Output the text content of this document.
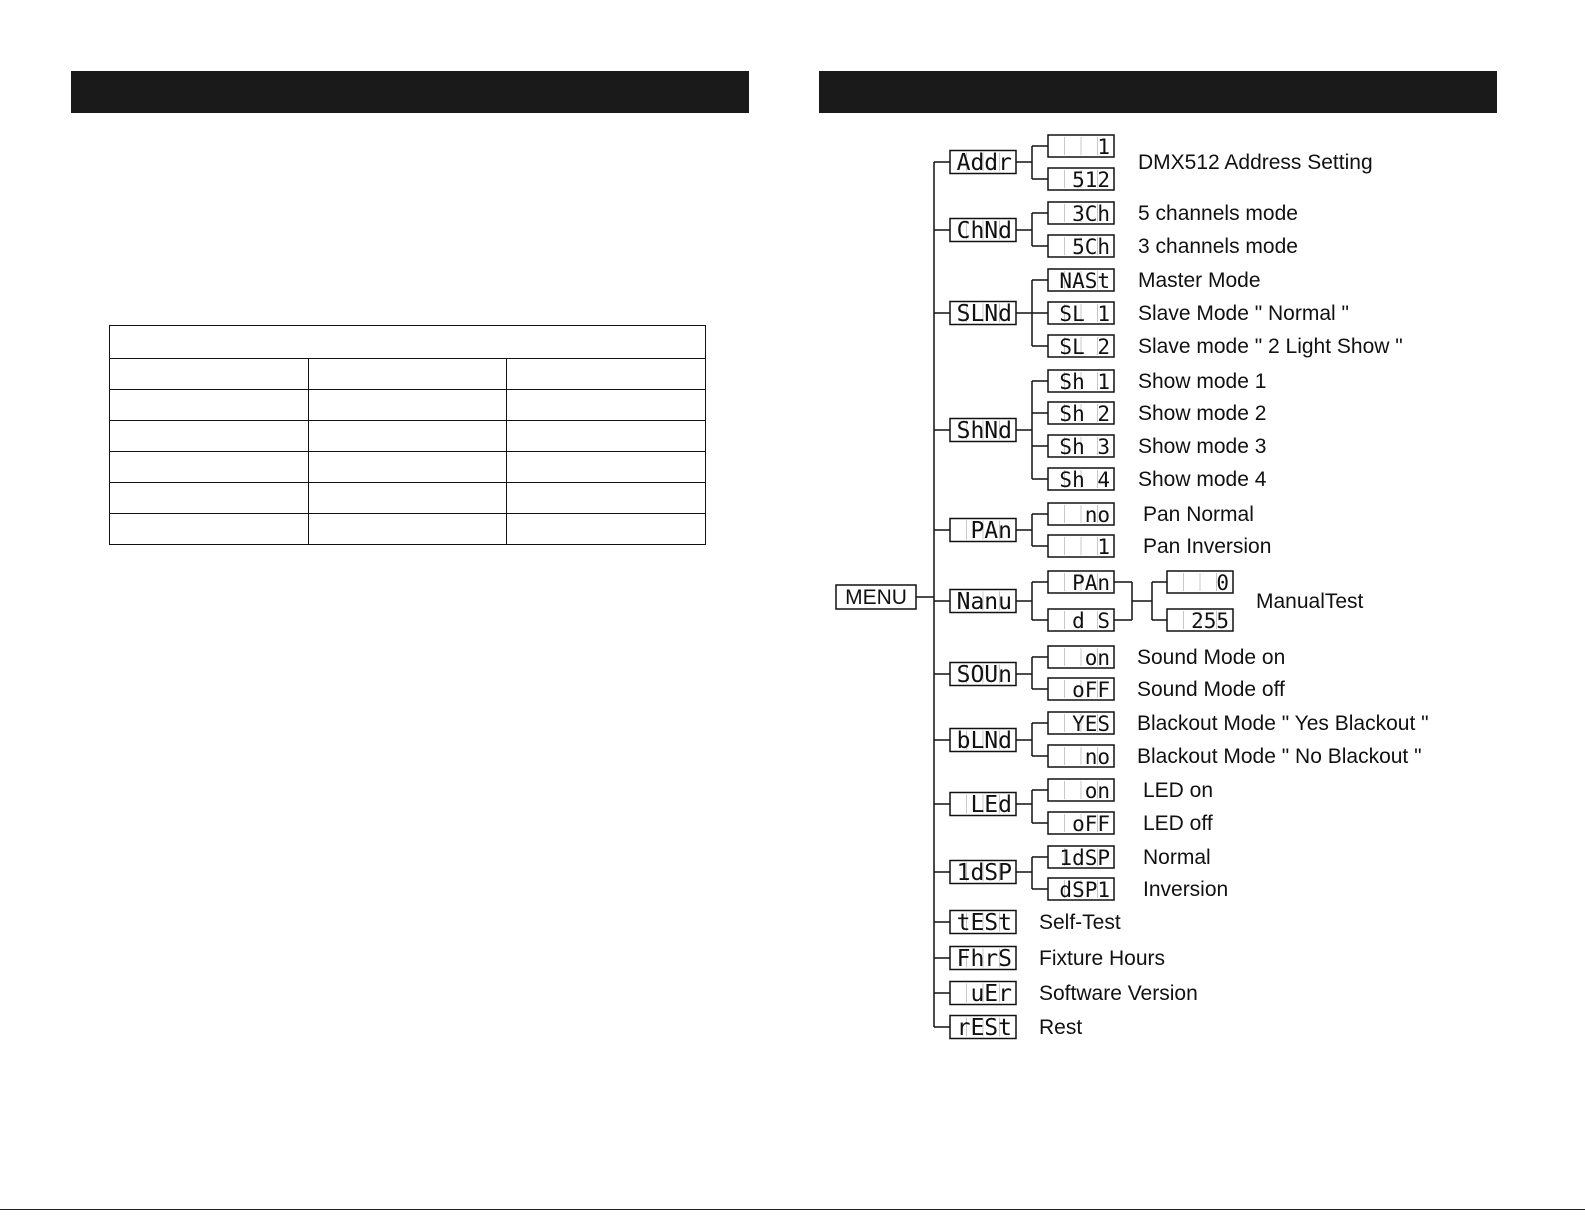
MENU
Addr
1
512
DMX512 Address Setting
ChNd
3Ch 5 channels mode
5Ch 3 channels mode
SLNd
NASt Master Mode
SL 1 Slave Mode " Normal "
SL 2 Slave mode " 2 Light Show "
ShNd
Sh 1 Show mode 1
Sh 2 Show mode 2
Sh 3 Show mode 3
Sh 4 Show mode 4
PAn
no Pan Normal
1 Pan Inversion
Nanu
PAn
d S
0
255
ManualTest
SOUn
on Sound Mode on
oFF Sound Mode off
bLNd
YES Blackout Mode " Yes Blackout "
no Blackout Mode " No Blackout "
LEd
on LED on
oFF LED off
1dSP
1dSP Normal
dSP1 Inversion
tESt Self-Test
FhrS Fixture Hours
uEr Software Version
rESt Rest
